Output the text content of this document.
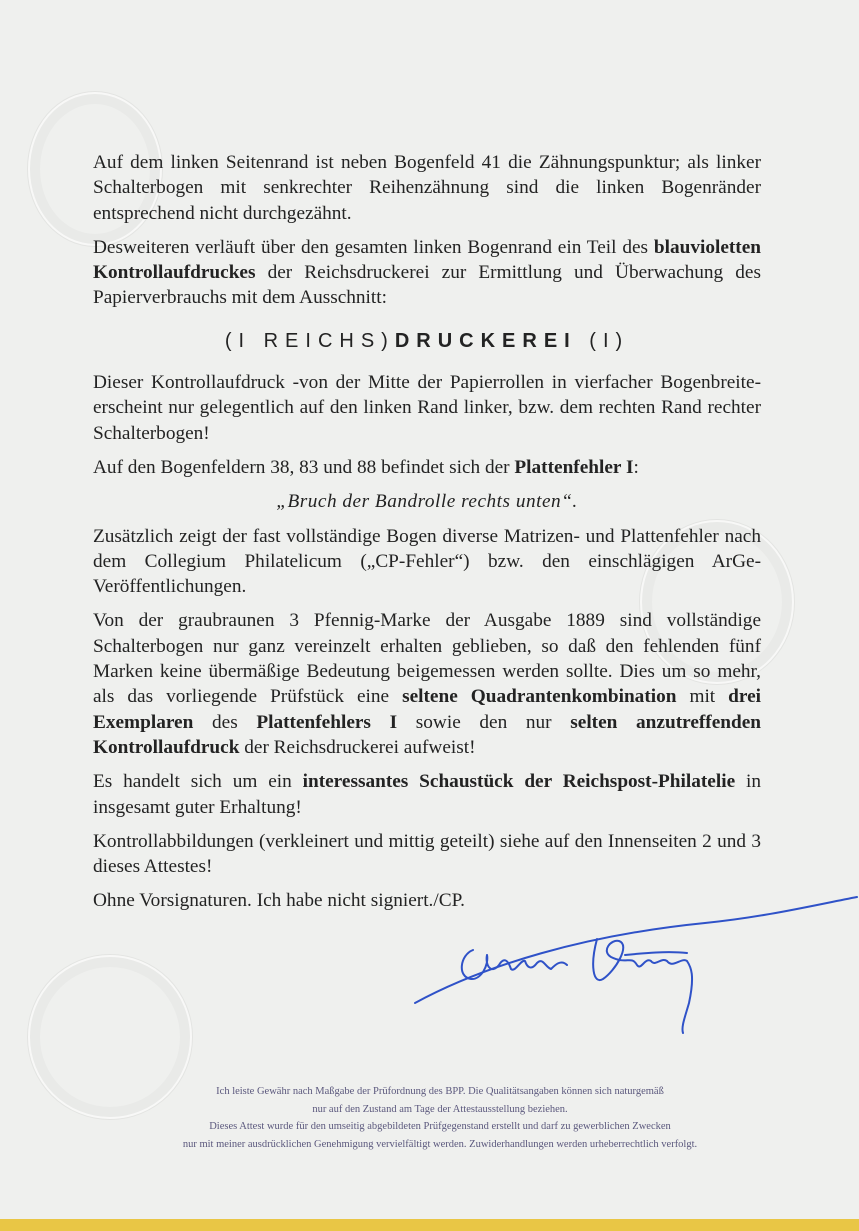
Auf dem linken Seitenrand ist neben Bogenfeld 41 die Zähnungspunktur; als linker Schalterbogen mit senkrechter Reihenzähnung sind die linken Bogenränder entsprechend nicht durchgezähnt.

Desweiteren verläuft über den gesamten linken Bogenrand ein Teil des blauvioletten Kontrollaufdruckes der Reichsdruckerei zur Ermittlung und Überwachung des Papierverbrauchs mit dem Ausschnitt:

(I REICHS)DRUCKEREI (I)

Dieser Kontrollaufdruck -von der Mitte der Papierrollen in vierfacher Bogenbreite- erscheint nur gelegentlich auf den linken Rand linker, bzw. dem rechten Rand rechter Schalterbogen!

Auf den Bogenfeldern 38, 83 und 88 befindet sich der Plattenfehler I:

„Bruch der Bandrolle rechts unten“.

Zusätzlich zeigt der fast vollständige Bogen diverse Matrizen- und Plattenfehler nach dem Collegium Philatelicum („CP-Fehler“) bzw. den einschlägigen ArGe-Veröffentlichungen.

Von der graubraunen 3 Pfennig-Marke der Ausgabe 1889 sind vollständige Schalterbogen nur ganz vereinzelt erhalten geblieben, so daß den fehlenden fünf Marken keine übermäßige Bedeutung beigemessen werden sollte. Dies um so mehr, als das vorliegende Prüfstück eine seltene Quadrantenkombination mit drei Exemplaren des Plattenfehlers I sowie den nur selten anzutreffenden Kontrollaufdruck der Reichsdruckerei aufweist!

Es handelt sich um ein interessantes Schaustück der Reichspost-Philatelie in insgesamt guter Erhaltung!

Kontrollabbildungen (verkleinert und mittig geteilt) siehe auf den Innenseiten 2 und 3 dieses Attestes!

Ohne Vorsignaturen. Ich habe nicht signiert./CP.

Ich leiste Gewähr nach Maßgabe der Prüfordnung des BPP. Die Qualitätsangaben können sich naturgemäß
nur auf den Zustand am Tage der Attestausstellung beziehen.
Dieses Attest wurde für den umseitig abgebildeten Prüfgegenstand erstellt und darf zu gewerblichen Zwecken
nur mit meiner ausdrücklichen Genehmigung vervielfältigt werden. Zuwiderhandlungen werden urheberrechtlich verfolgt.
